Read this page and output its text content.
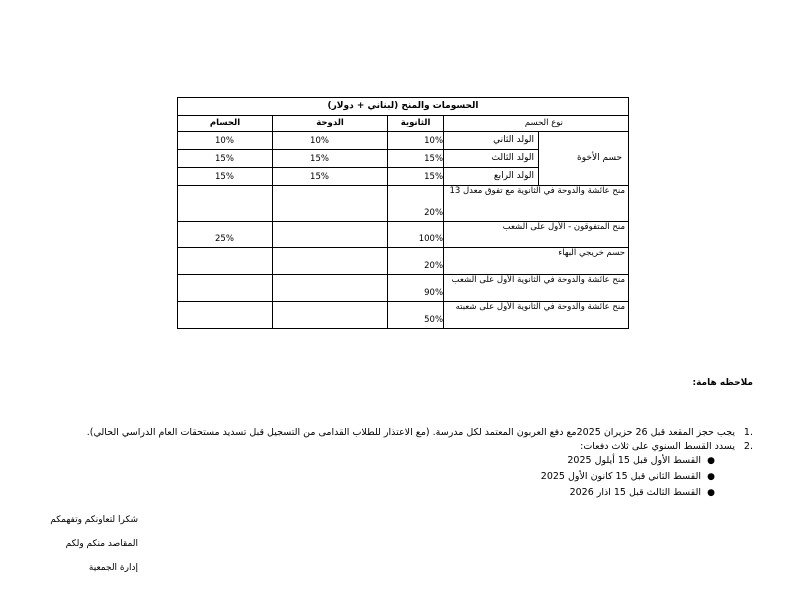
الحسومات والمنح (لبناني + دولار)				
نوع الحسم		الثانوية	الدوحة	الحسام
حسم الأخوة	الولد الثاني	10%	10%	10%
	الولد الثالث	15%	15%	15%
	الولد الرابع	15%	15%	15%
منح عائشة والدوحة في الثانوية مع تفوق معدل 13		20%		
منح المتفوقون - الأول على الشعب		100%		25%
حسم خريجي البهاء		20%		
منح عائشة والدوحة في الثانوية الأول على الشعب		90%		
منح عائشة والدوحة في الثانوية الأول على شعبته		50%		
ملاحظه هامة:
.1
يجب حجز المقعد قبل 26 حزيران 2025مع دفع العربون المعتمد لكل مدرسة. (مع الاعتذار للطلاب القدامى من التسجيل قبل تسديد مستحقات العام الدراسي الحالي).
.2
يسدد القسط السنوي على ثلاث دفعات:
●
القسط الأول قبل 15 أيلول 2025
●
القسط الثاني قبل 15 كانون الأول 2025
●
القسط الثالث قبل 15 اذار 2026
شكرا لتعاونكم وتفهمكم
المقاصد منكم ولكم
إدارة الجمعية
